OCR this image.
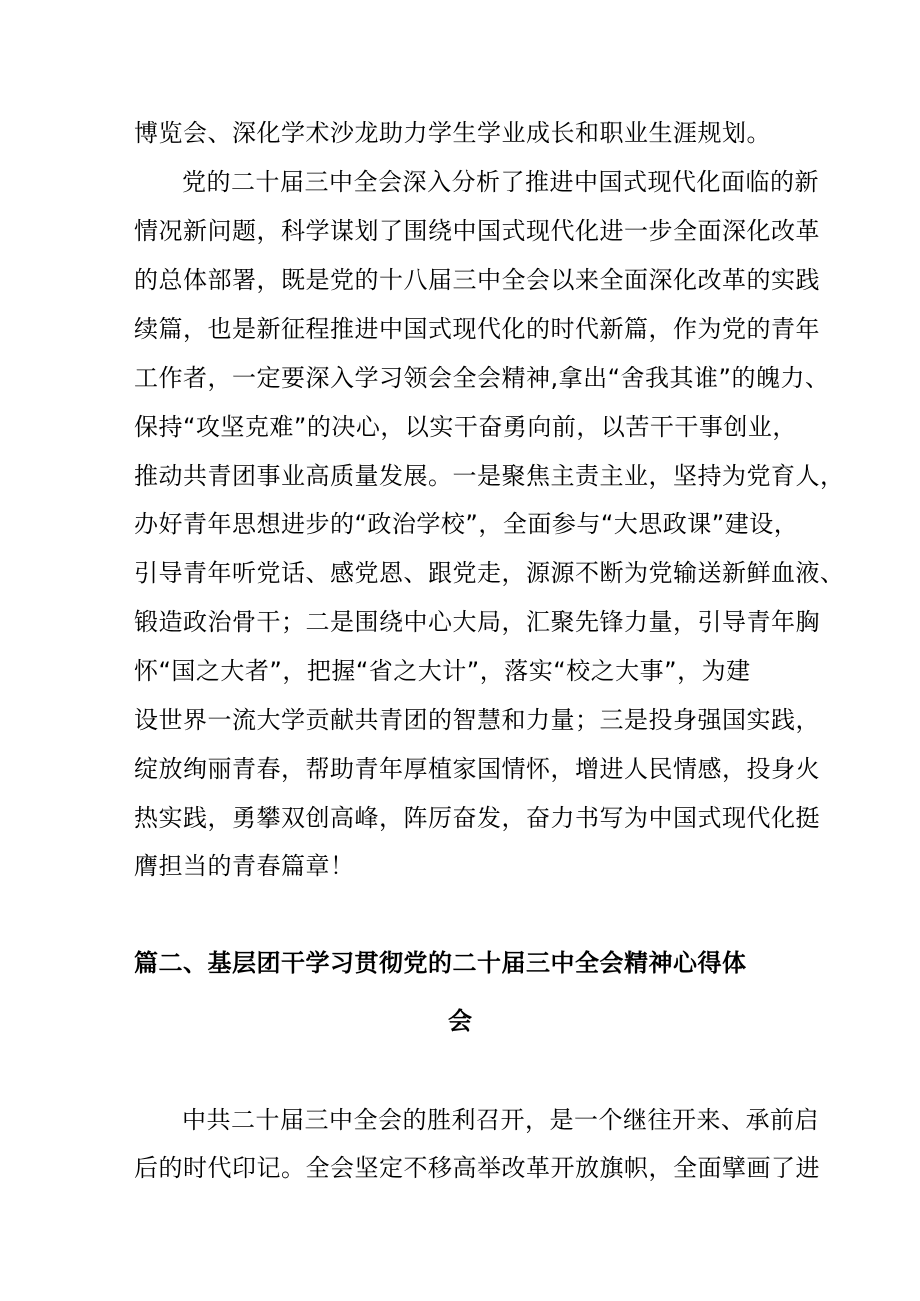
博览会、深化学术沙龙助力学生学业成长和职业生涯规划。
党的二十届三中全会深入分析了推进中国式现代化面临的新
情况新问题，科学谋划了围绕中国式现代化进一步全面深化改革
的总体部署，既是党的十八届三中全会以来全面深化改革的实践
续篇，也是新征程推进中国式现代化的时代新篇，作为党的青年
工作者，一定要深入学习领会全会精神,拿出“舍我其谁”的魄力、
保持“攻坚克难”的决心，以实干奋勇向前，以苦干干事创业，
推动共青团事业高质量发展。一是聚焦主责主业，坚持为党育人，
办好青年思想进步的“政治学校”，全面参与“大思政课”建设，
引导青年听党话、感党恩、跟党走，源源不断为党输送新鲜血液、
锻造政治骨干；二是围绕中心大局，汇聚先锋力量，引导青年胸
怀“国之大者”，把握“省之大计”，落实“校之大事”，为建
设世界一流大学贡献共青团的智慧和力量；三是投身强国实践，
绽放绚丽青春，帮助青年厚植家国情怀，增进人民情感，投身火
热实践，勇攀双创高峰，阵厉奋发，奋力书写为中国式现代化挺
膺担当的青春篇章！
篇二、基层团干学习贯彻党的二十届三中全会精神心得体
会
中共二十届三中全会的胜利召开，是一个继往开来、承前启
后的时代印记。全会坚定不移高举改革开放旗帜，全面擘画了进
